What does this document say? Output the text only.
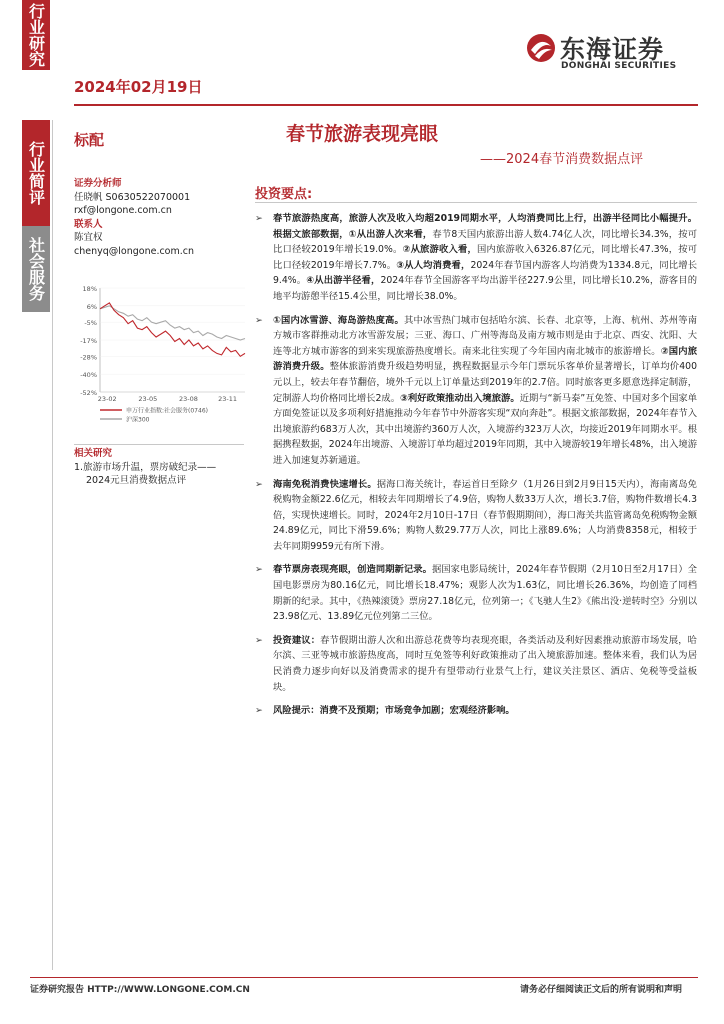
行业研究
行业简评
社会服务
东海证券
DONGHAI SECURITIES
2024年02月19日
春节旅游表现亮眼
——2024春节消费数据点评
标配
证券分析师
任晓帆 S0630522070001
rxf@longone.com.cn
联系人
陈宜权
chenyq@longone.com.cn
18%
6%
-5%
-17%
-28%
-40%
-52%
23-02	23-05	23-08	23-11
申万行业指数:社会服务(0746)
沪深300
相关研究
1.旅游市场升温，票房破纪录——
2024元旦消费数据点评
投资要点:

➢ 春节旅游热度高，旅游人次及收入均超2019同期水平，人均消费同比上行，出游半径同比小幅提升。根据文旅部数据，①从出游人次来看，春节8天国内旅游出游人数4.74亿人次，同比增长34.3%，按可比口径较2019年增长19.0%。②从旅游收入看，国内旅游收入6326.87亿元，同比增长47.3%，按可比口径较2019年增长7.7%。③从人均消费看，2024年春节国内游客人均消费为1334.8元，同比增长9.4%。④从出游半径看，2024年春节全国游客平均出游半径227.9公里，同比增长10.2%，游客目的地平均游憩半径15.4公里，同比增长38.0%。

➢ ①国内冰雪游、海岛游热度高。其中冰雪热门城市包括哈尔滨、长春、北京等，上海、杭州、苏州等南方城市客群推动北方冰雪游发展；三亚、海口、广州等海岛及南方城市则是由于北京、西安、沈阳、大连等北方城市游客的到来实现旅游热度增长。南来北往实现了今年国内南北城市的旅游增长。②国内旅游消费升级。整体旅游消费升级趋势明显，携程数据显示今年门票玩乐客单价显著增长，订单均价400元以上，较去年春节翻倍，境外千元以上订单量达到2019年的2.7倍。同时旅客更多愿意选择定制游，定制游人均价格同比增长2成。③利好政策推动出入境旅游。近期与“新马泰”互免签、中国对多个国家单方面免签证以及多项利好措施推动今年春节中外游客实现“双向奔赴”。根据文旅部数据，2024年春节入出境旅游约683万人次，其中出境游约360万人次，入境游约323万人次，均接近2019年同期水平。根据携程数据，2024年出境游、入境游订单均超过2019年同期，其中入境游较19年增长48%，出入境游进入加速复苏新通道。

➢ 海南免税消费快速增长。据海口海关统计，春运首日至除夕（1月26日到2月9日15天内），海南离岛免税购物金额22.6亿元，相较去年同期增长了4.9倍，购物人数33万人次，增长3.7倍，购物件数增长4.3倍，实现快速增长。同时，2024年2月10日-17日（春节假期期间），海口海关共监管离岛免税购物金额24.89亿元，同比下滑59.6%；购物人数29.77万人次，同比上涨89.6%；人均消费8358元，相较于去年同期9959元有所下滑。

➢ 春节票房表现亮眼，创造同期新记录。据国家电影局统计，2024年春节假期（2月10日至2月17日）全国电影票房为80.16亿元，同比增长18.47%；观影人次为1.63亿，同比增长26.36%，均创造了同档期新的纪录。其中，《热辣滚烫》票房27.18亿元，位列第一；《飞驰人生2》《熊出没·逆转时空》分别以23.98亿元、13.89亿元位列第二三位。

➢ 投资建议：春节假期出游人次和出游总花费等均表现亮眼，各类活动及利好因素推动旅游市场发展，哈尔滨、三亚等城市旅游热度高，同时互免签等利好政策推动了出入境旅游加速。整体来看，我们认为居民消费力逐步向好以及消费需求的提升有望带动行业景气上行，建议关注景区、酒店、免税等受益板块。

➢ 风险提示：消费不及预期；市场竞争加剧；宏观经济影响。

证券研究报告 HTTP://WWW.LONGONE.COM.CN	请务必仔细阅读正文后的所有说明和声明
